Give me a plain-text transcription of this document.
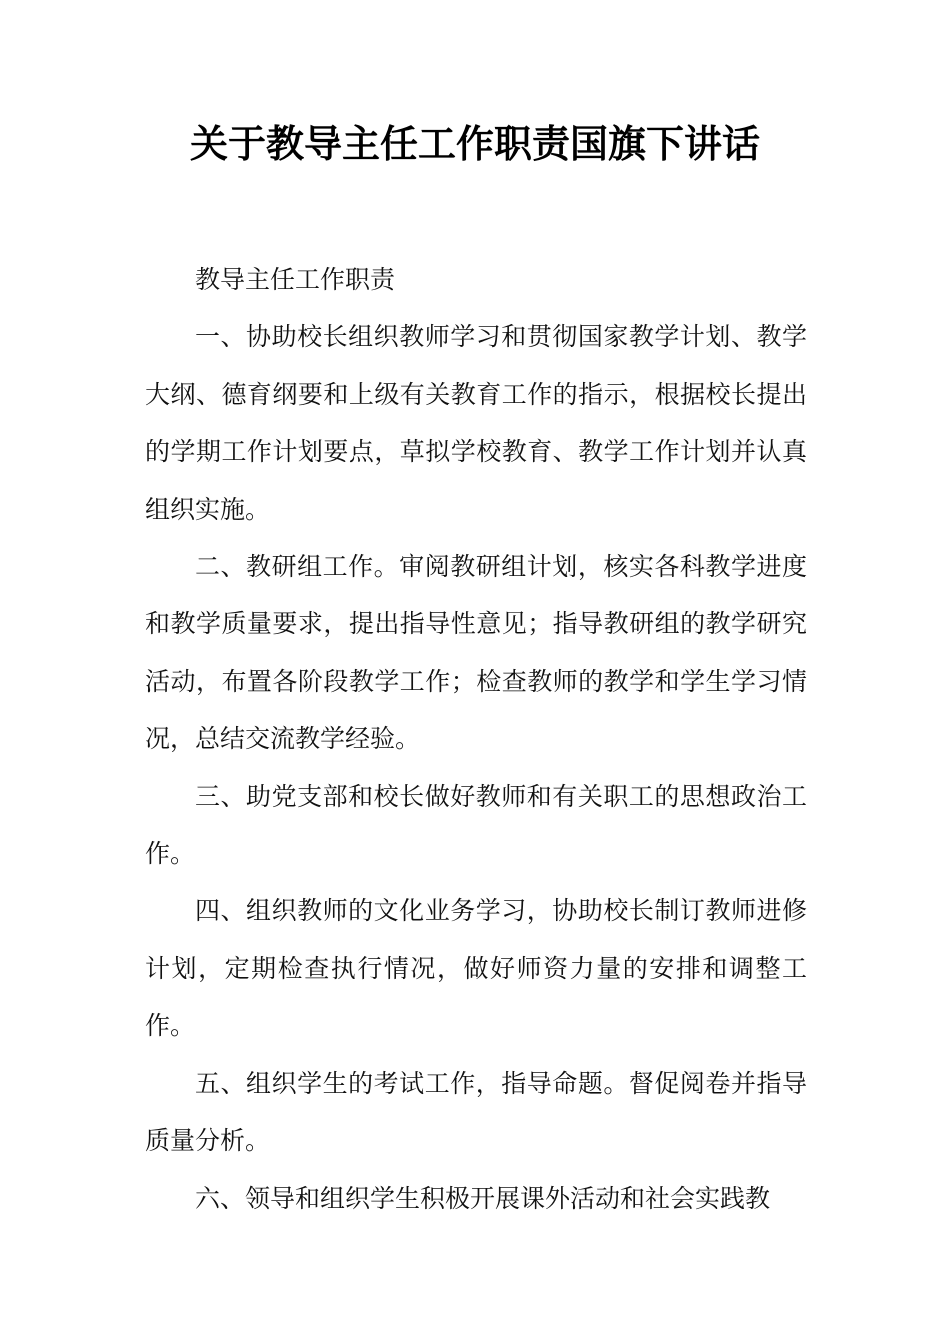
关于教导主任工作职责国旗下讲话

教导主任工作职责

一、协助校长组织教师学习和贯彻国家教学计划、教学大纲、德育纲要和上级有关教育工作的指示，根据校长提出的学期工作计划要点，草拟学校教育、教学工作计划并认真组织实施。

二、教研组工作。审阅教研组计划，核实各科教学进度和教学质量要求，提出指导性意见；指导教研组的教学研究活动，布置各阶段教学工作；检查教师的教学和学生学习情况，总结交流教学经验。

三、助党支部和校长做好教师和有关职工的思想政治工作。

四、组织教师的文化业务学习，协助校长制订教师进修计划，定期检查执行情况，做好师资力量的安排和调整工作。

五、组织学生的考试工作，指导命题。督促阅卷并指导质量分析。

六、领导和组织学生积极开展课外活动和社会实践教
